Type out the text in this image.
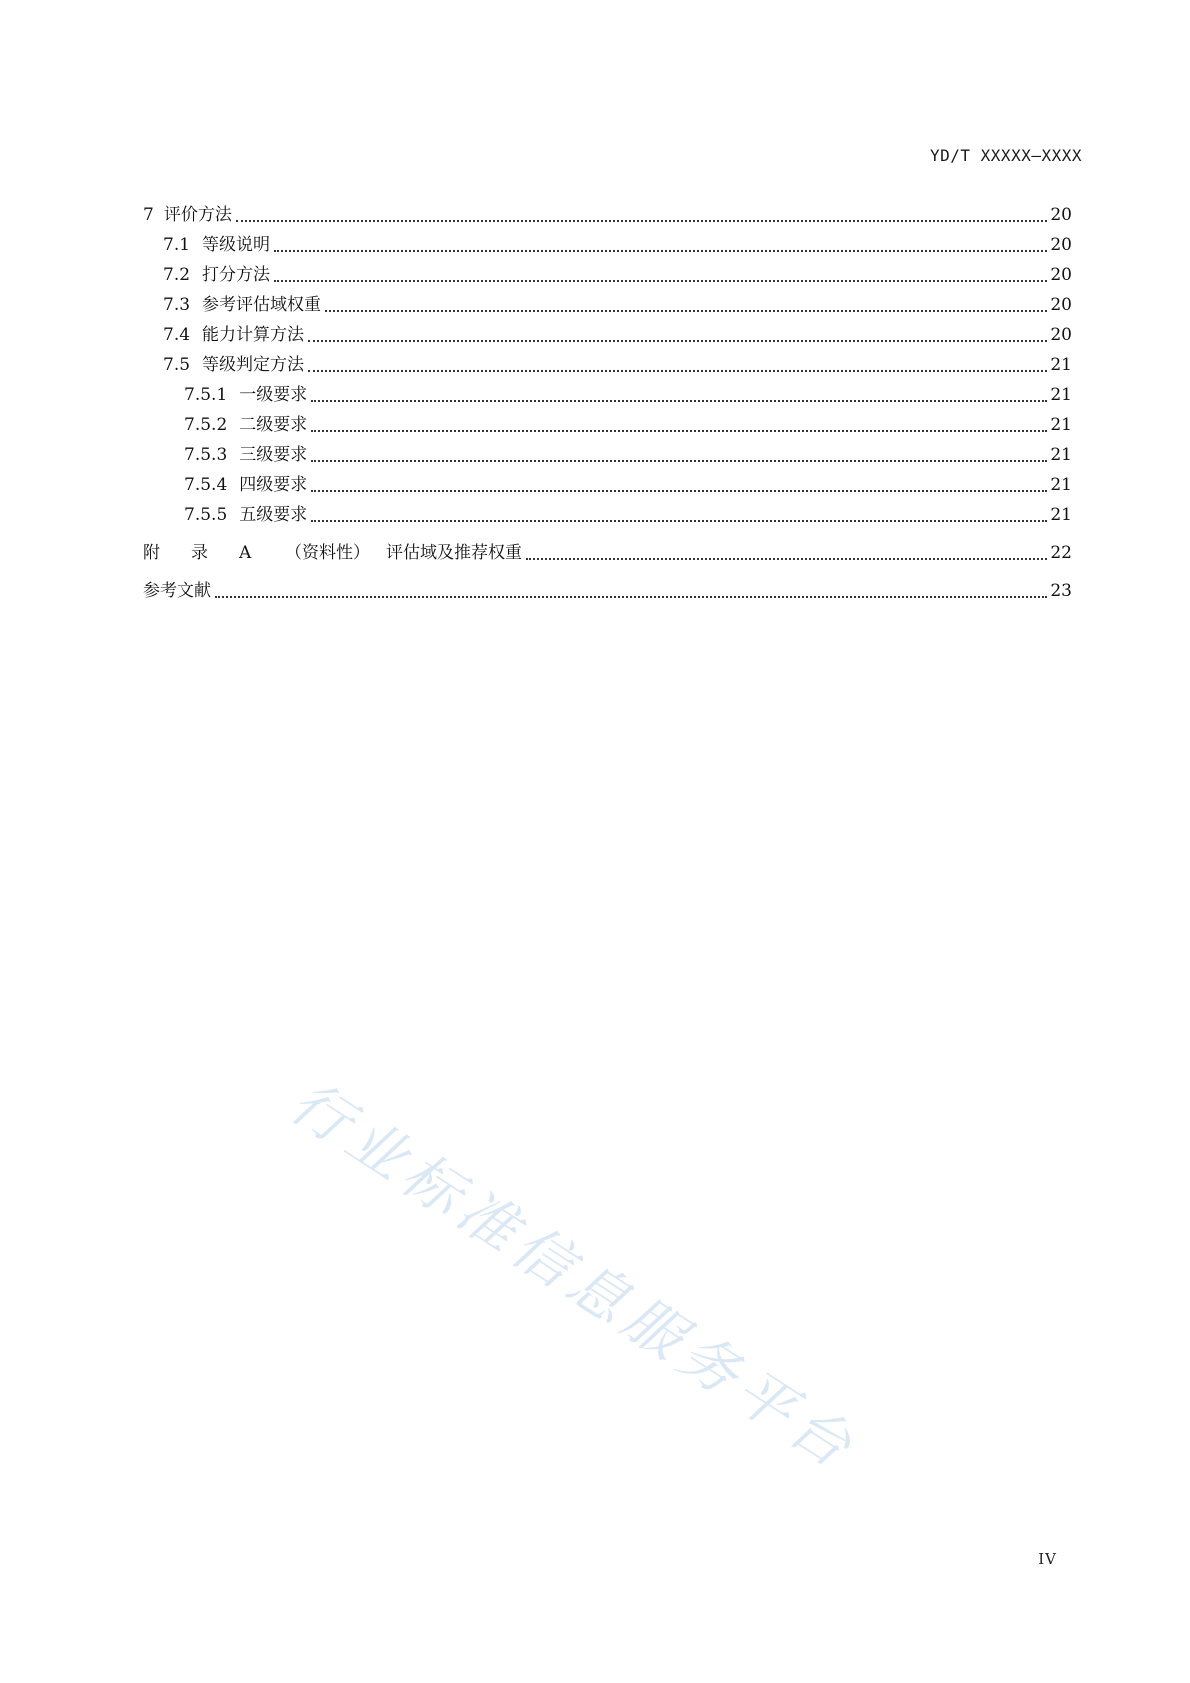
YD/T XXXXX—XXXX
7 评价方法	20
7.1 等级说明	20
7.2 打分方法	20
7.3 参考评估域权重	20
7.4 能力计算方法	20
7.5 等级判定方法	21
7.5.1 一级要求	21
7.5.2 二级要求	21
7.5.3 三级要求	21
7.5.4 四级要求	21
7.5.5 五级要求	21
附	录	A	（资料性） 评估域及推荐权重	22
参考文献	23
行业标准信息服务平台
IV
